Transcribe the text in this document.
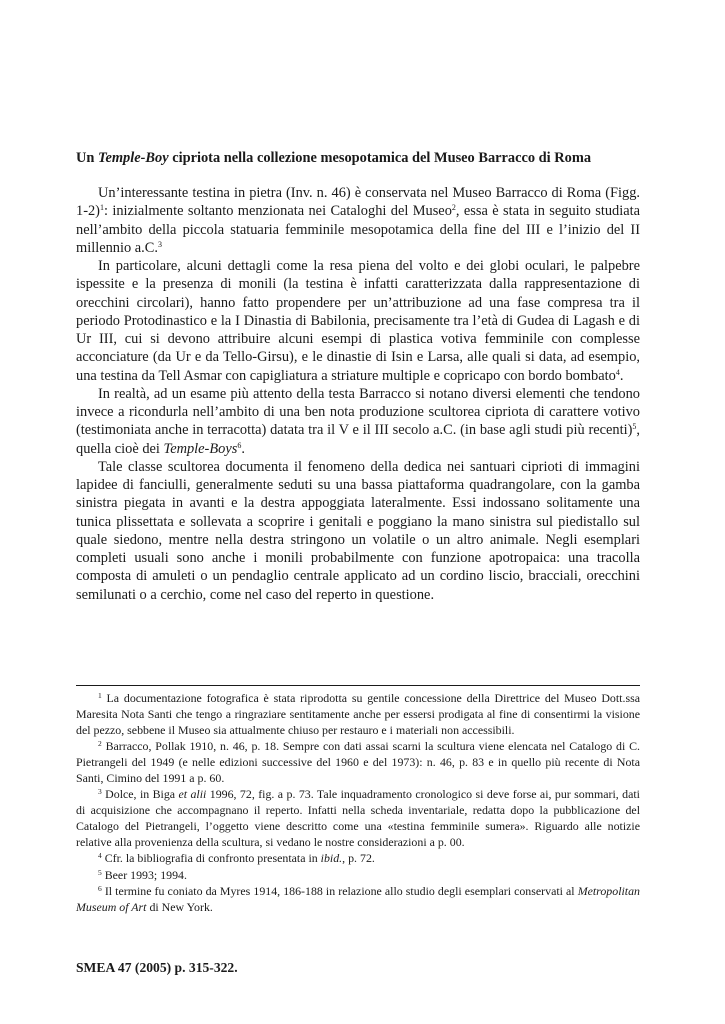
Un Temple-Boy cipriota nella collezione mesopotamica del Museo Barracco di Roma

Un’interessante testina in pietra (Inv. n. 46) è conservata nel Museo Barracco di Roma (Figg. 1-2)$^1$: inizialmente soltanto menzionata nei Cataloghi del Museo$^2$, essa è stata in seguito studiata nell’ambito della piccola statuaria femminile mesopotamica della fine del III e l’inizio del II millennio a.C.$^3$

In particolare, alcuni dettagli come la resa piena del volto e dei globi oculari, le palpebre ispessite e la presenza di monili (la testina è infatti caratterizzata dalla rappresentazione di orecchini circolari), hanno fatto propendere per un’attribuzione ad una fase compresa tra il periodo Protodinastico e la I Dinastia di Babilonia, precisamente tra l’età di Gudea di Lagash e di Ur III, cui si devono attribuire alcuni esempi di plastica votiva femminile con complesse acconciature (da Ur e da Tello-Girsu), e le dinastie di Isin e Larsa, alle quali si data, ad esempio, una testina da Tell Asmar con capigliatura a striature multiple e copricapo con bordo bombato$^4$.

In realtà, ad un esame più attento della testa Barracco si notano diversi elementi che tendono invece a ricondurla nell’ambito di una ben nota produzione scultorea cipriota di carattere votivo (testimoniata anche in terracotta) datata tra il V e il III secolo a.C. (in base agli studi più recenti)$^5$, quella cioè dei Temple-Boys$^6$.

Tale classe scultorea documenta il fenomeno della dedica nei santuari ciprioti di immagini lapidee di fanciulli, generalmente seduti su una bassa piattaforma quadrangolare, con la gamba sinistra piegata in avanti e la destra appoggiata lateralmente. Essi indossano solitamente una tunica plissettata e sollevata a scoprire i genitali e poggiano la mano sinistra sul piedistallo sul quale siedono, mentre nella destra stringono un volatile o un altro animale. Negli esemplari completi usuali sono anche i monili probabilmente con funzione apotropaica: una tracolla composta di amuleti o un pendaglio centrale applicato ad un cordino liscio, bracciali, orecchini semilunati o a cerchio, come nel caso del reperto in questione.

$^1$ La documentazione fotografica è stata riprodotta su gentile concessione della Direttrice del Museo Dott.ssa Maresita Nota Santi che tengo a ringraziare sentitamente anche per essersi prodigata al fine di consentirmi la visione del pezzo, sebbene il Museo sia attualmente chiuso per restauro e i materiali non accessibili.

$^2$ Barracco, Pollak 1910, n. 46, p. 18. Sempre con dati assai scarni la scultura viene elencata nel Catalogo di C. Pietrangeli del 1949 (e nelle edizioni successive del 1960 e del 1973): n. 46, p. 83 e in quello più recente di Nota Santi, Cimino del 1991 a p. 60.

$^3$ Dolce, in Biga et alii 1996, 72, fig. a p. 73. Tale inquadramento cronologico si deve forse ai, pur sommari, dati di acquisizione che accompagnano il reperto. Infatti nella scheda inventariale, redatta dopo la pubblicazione del Catalogo del Pietrangeli, l’oggetto viene descritto come una «testina femminile sumera». Riguardo alle notizie relative alla provenienza della scultura, si vedano le nostre considerazioni a p. 00.

$^4$ Cfr. la bibliografia di confronto presentata in ibid., p. 72.

$^5$ Beer 1993; 1994.

$^6$ Il termine fu coniato da Myres 1914, 186-188 in relazione allo studio degli esemplari conservati al Metropolitan Museum of Art di New York.

SMEA 47 (2005) p. 315-322.
